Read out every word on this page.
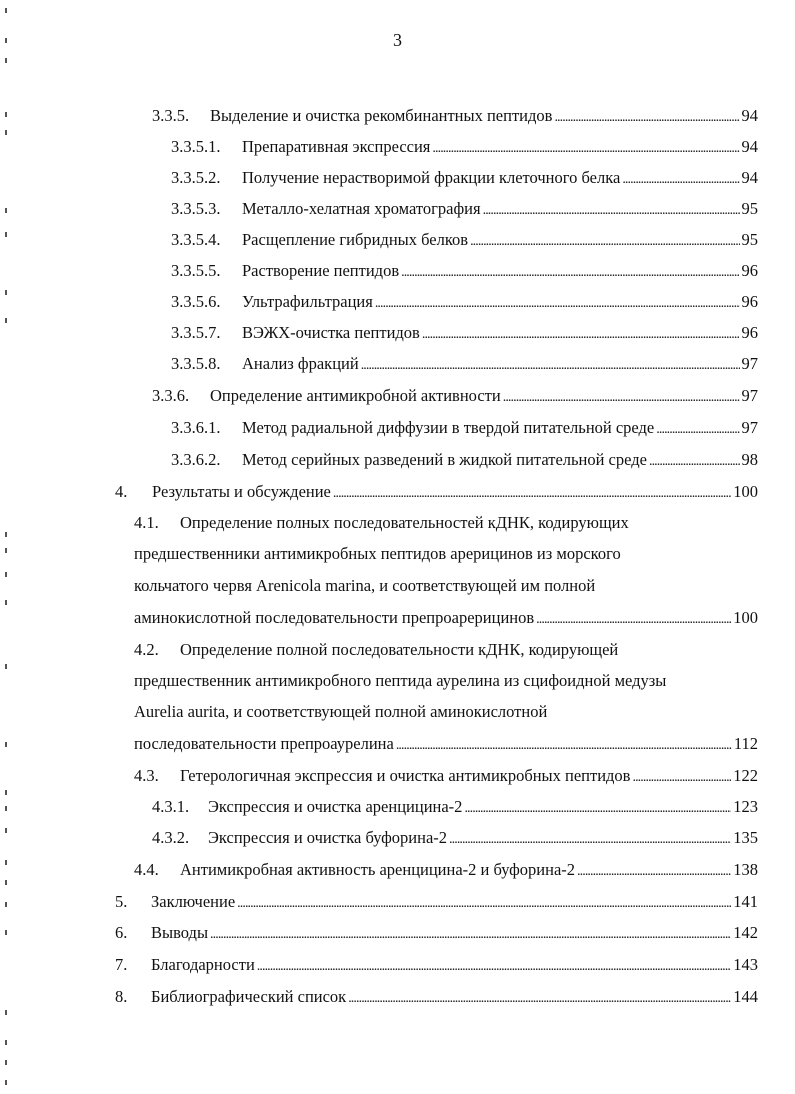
3
3.3.5.	Выделение и очистка рекомбинантных пептидов . . .	94
3.3.5.1.	Препаративная экспрессия . . .	94
3.3.5.2.	Получение нерастворимой фракции клеточного белка . . .	94
3.3.5.3.	Металло-хелатная хроматография . . .	95
3.3.5.4.	Расщепление гибридных белков . . .	95
3.3.5.5.	Растворение пептидов . . .	96
3.3.5.6.	Ультрафильтрация . . .	96
3.3.5.7.	ВЭЖХ-очистка пептидов . . .	96
3.3.5.8.	Анализ фракций . . .	97
3.3.6.	Определение антимикробной активности . . .	97
3.3.6.1.	Метод радиальной диффузии в твердой питательной среде . . .	97
3.3.6.2.	Метод серийных разведений в жидкой питательной среде . . .	98
4.	Результаты и обсуждение . . .	100
4.1.	Определение полных последовательностей кДНК, кодирующих
предшественники антимикробных пептидов арерицинов из морского
кольчатого червя Arenicola marina, и соответствующей им полной
аминокислотной последовательности препроарерицинов . . .	100
4.2.	Определение полной последовательности кДНК, кодирующей
предшественник антимикробного пептида аурелина из сцифоидной медузы
Aurelia aurita, и соответствующей полной аминокислотной
последовательности препроаурелина . . .	112
4.3.	Гетерологичная экспрессия и очистка антимикробных пептидов . . .	122
4.3.1.	Экспрессия и очистка аренцицина-2 . . .	123
4.3.2.	Экспрессия и очистка буфорина-2 . . .	135
4.4.	Антимикробная активность аренцицина-2 и буфорина-2 . . .	138
5.	Заключение . . .	141
6.	Выводы . . .	142
7.	Благодарности . . .	143
8.	Библиографический список . . .	144
